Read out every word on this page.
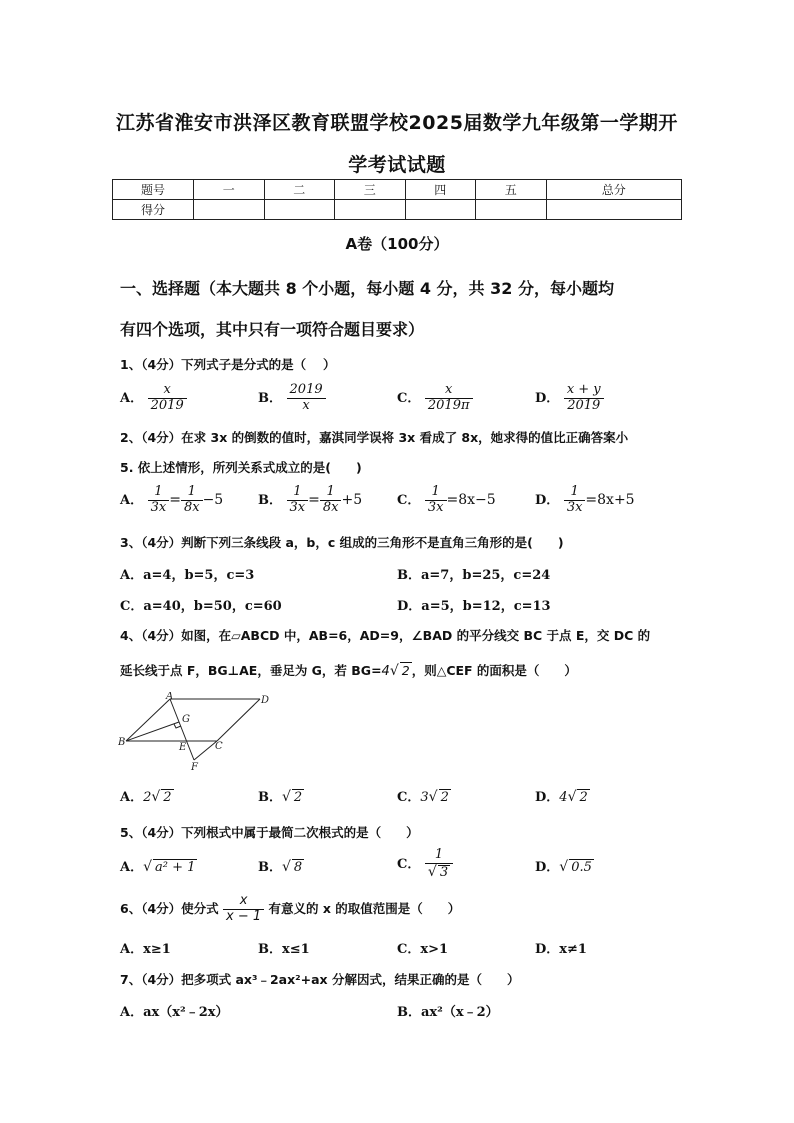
江苏省淮安市洪泽区教育联盟学校2025届数学九年级第一学期开
学考试试题
题号	一	二	三	四	五	总分
得分						
A卷（100分）
一、选择题（本大题共 8 个小题，每小题 4 分，共 32 分，每小题均
有四个选项，其中只有一项符合题目要求）
1、（4分）下列式子是分式的是（　 ）
A． $\frac{x}{2019}$	B． $\frac{2019}{x}$	C． $\frac{x}{2019\pi}$	D． $\frac{x + y}{2019}$
2、（4分）在求 3x 的倒数的值时，嘉淇同学误将 3x 看成了 8x，她求得的值比正确答案小
5. 依上述情形，所列关系式成立的是(　　)
A． $\frac{1}{3x} = \frac{1}{8x} -5$	B． $\frac{1}{3x} = \frac{1}{8x} +5$	C． $\frac{1}{3x} =8x-5$	D． $\frac{1}{3x} =8x+5$
3、（4分）判断下列三条线段 a，b，c 组成的三角形不是直角三角形的是(　　)
A．a=4，b=5，c=3	B．a=7，b=25，c=24
C．a=40，b=50，c=60	D．a=5，b=12，c=13
4、（4分）如图，在▱ABCD 中，AB=6，AD=9，∠BAD 的平分线交 BC 于点 E，交 DC 的
延长线于点 F，BG⊥AE，垂足为 G，若 BG=4√ 2 ，则△CEF 的面积是（　　）
A	D
B	C
E
F
G
A．2√ 2	B．√ 2	C．3√ 2	D．4√ 2
5、（4分）下列根式中属于最简二次根式的是（　　）
A．√ a² + 1	B．√ 8	C． $\frac{1}{√ 3}$	D．√ 0.5
6、（4分）使分式 $\frac{x}{x - 1}$ 有意义的 x 的取值范围是（　　）
A．x≥1	B．x≤1	C．x>1	D．x≠1
7、（4分）把多项式 ax³﹣2ax²+ax 分解因式，结果正确的是（　　）
A．ax（x²﹣2x）	B．ax²（x﹣2）
